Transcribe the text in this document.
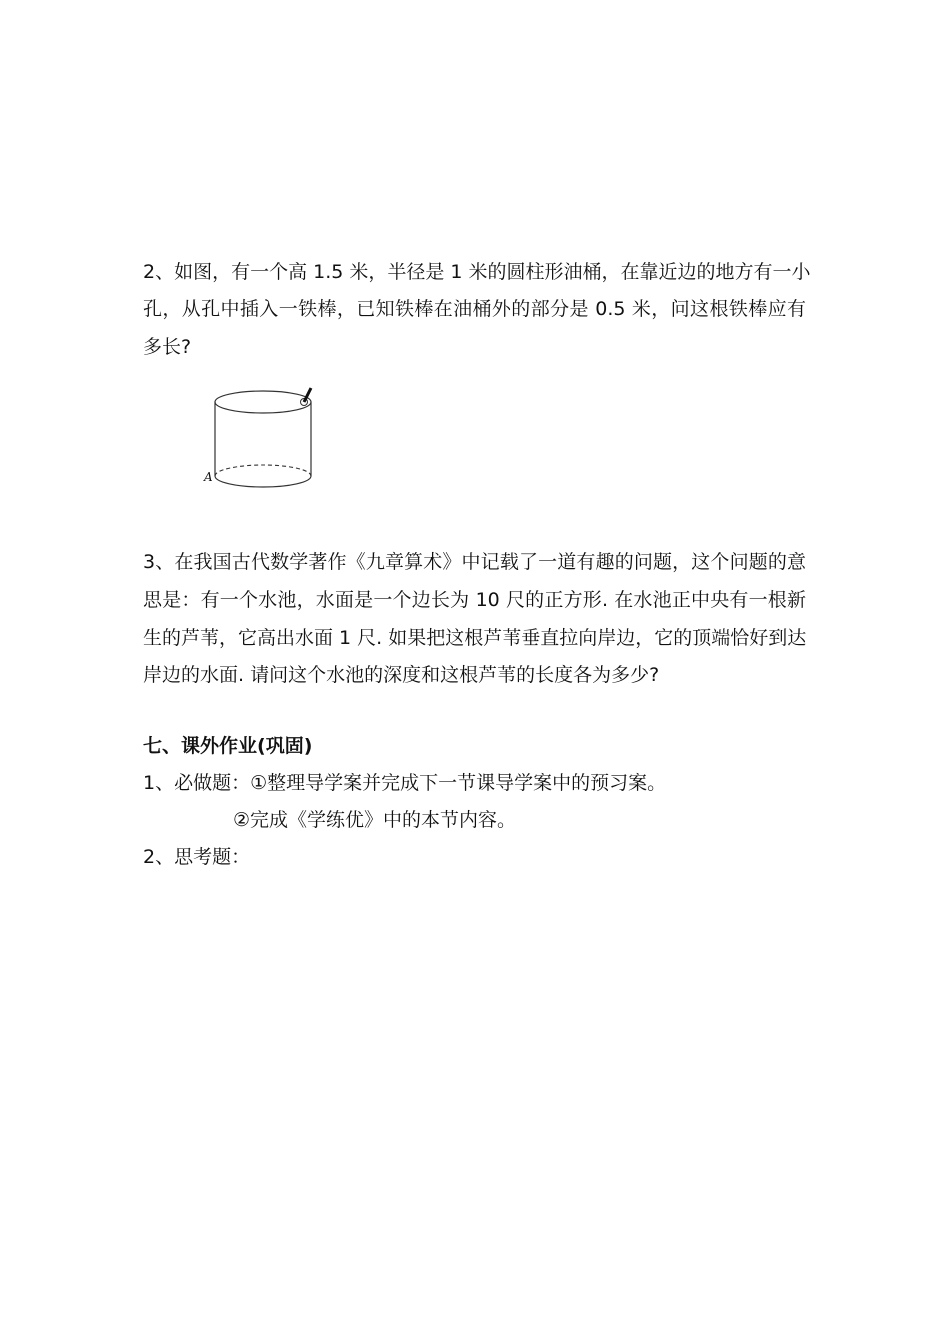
2、如图，有一个高 1.5 米，半径是 1 米的圆柱形油桶，在靠近边的地方有一小
孔，从孔中插入一铁棒，已知铁棒在油桶外的部分是 0.5 米，问这根铁棒应有
多长?
A
3、在我国古代数学著作《九章算术》中记载了一道有趣的问题，这个问题的意
思是：有一个水池，水面是一个边长为 10 尺的正方形. 在水池正中央有一根新
生的芦苇，它高出水面 1 尺. 如果把这根芦苇垂直拉向岸边，它的顶端恰好到达
岸边的水面. 请问这个水池的深度和这根芦苇的长度各为多少?
七、课外作业(巩固)
1、必做题：①整理导学案并完成下一节课导学案中的预习案。
②完成《学练优》中的本节内容。
2、思考题：
